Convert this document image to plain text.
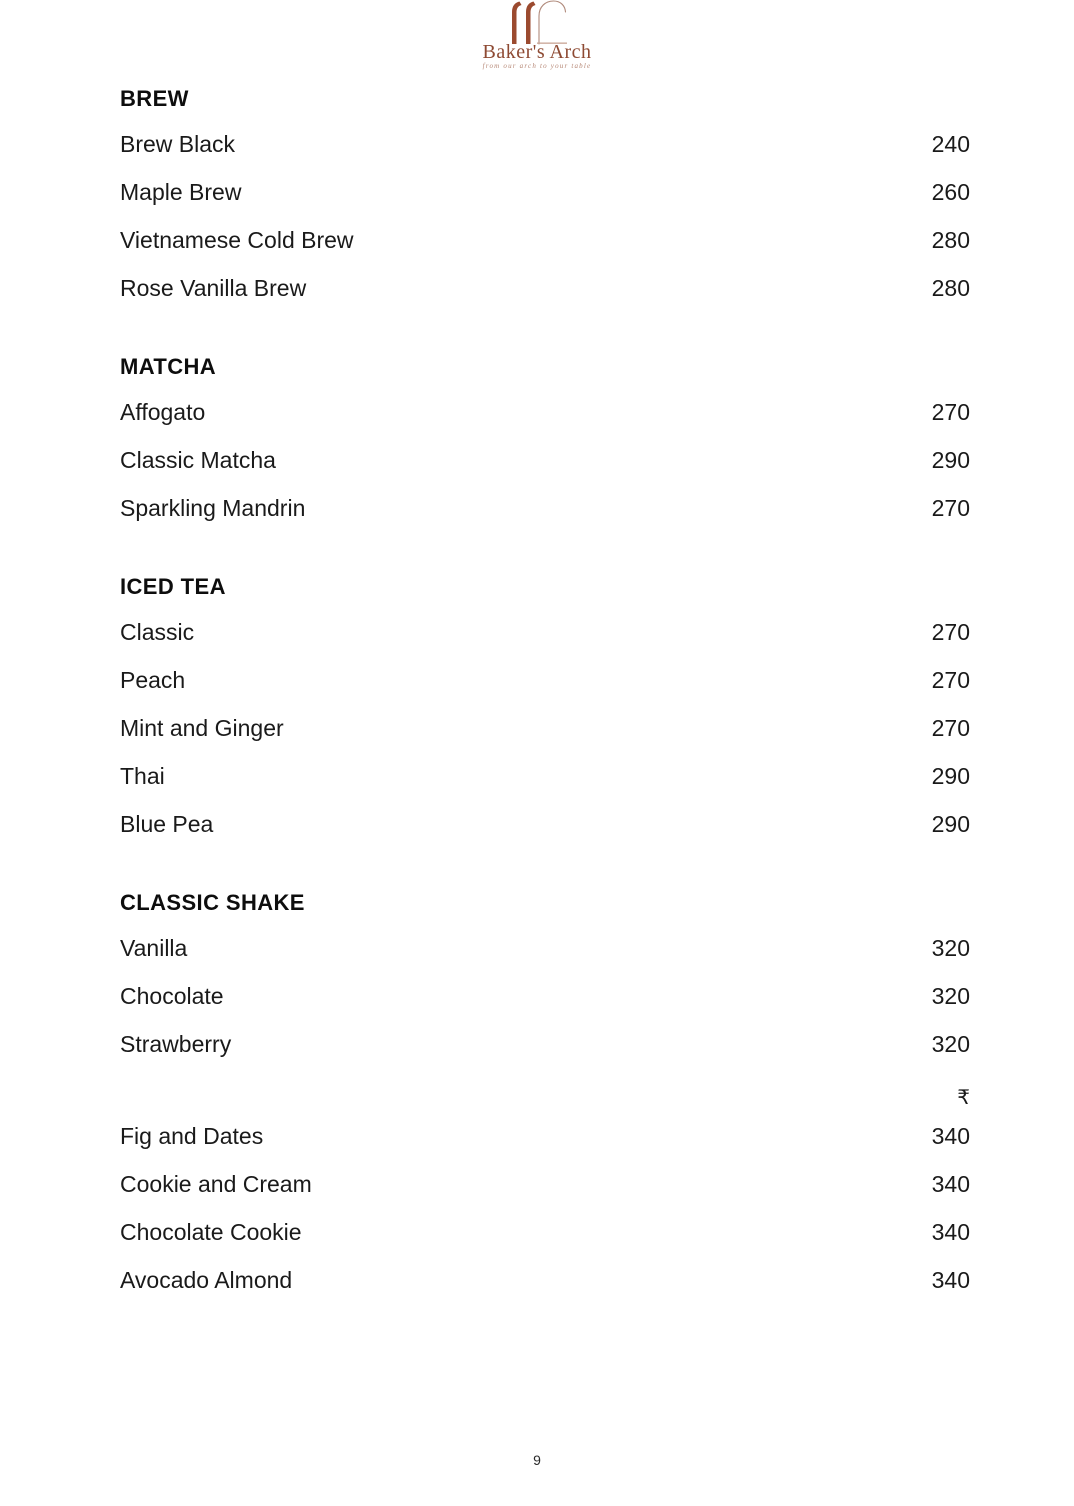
Baker's Arch
from our arch to your table
BREW
Brew Black	240
Maple Brew	260
Vietnamese Cold Brew	280
Rose Vanilla Brew	280
MATCHA
Affogato	270
Classic Matcha	290
Sparkling Mandrin	270
ICED TEA
Classic	270
Peach	270
Mint and Ginger	270
Thai	290
Blue Pea	290
CLASSIC SHAKE
Vanilla	320
Chocolate	320
Strawberry	320
₹
Fig and Dates	340
Cookie and Cream	340
Chocolate Cookie	340
Avocado Almond	340
9
